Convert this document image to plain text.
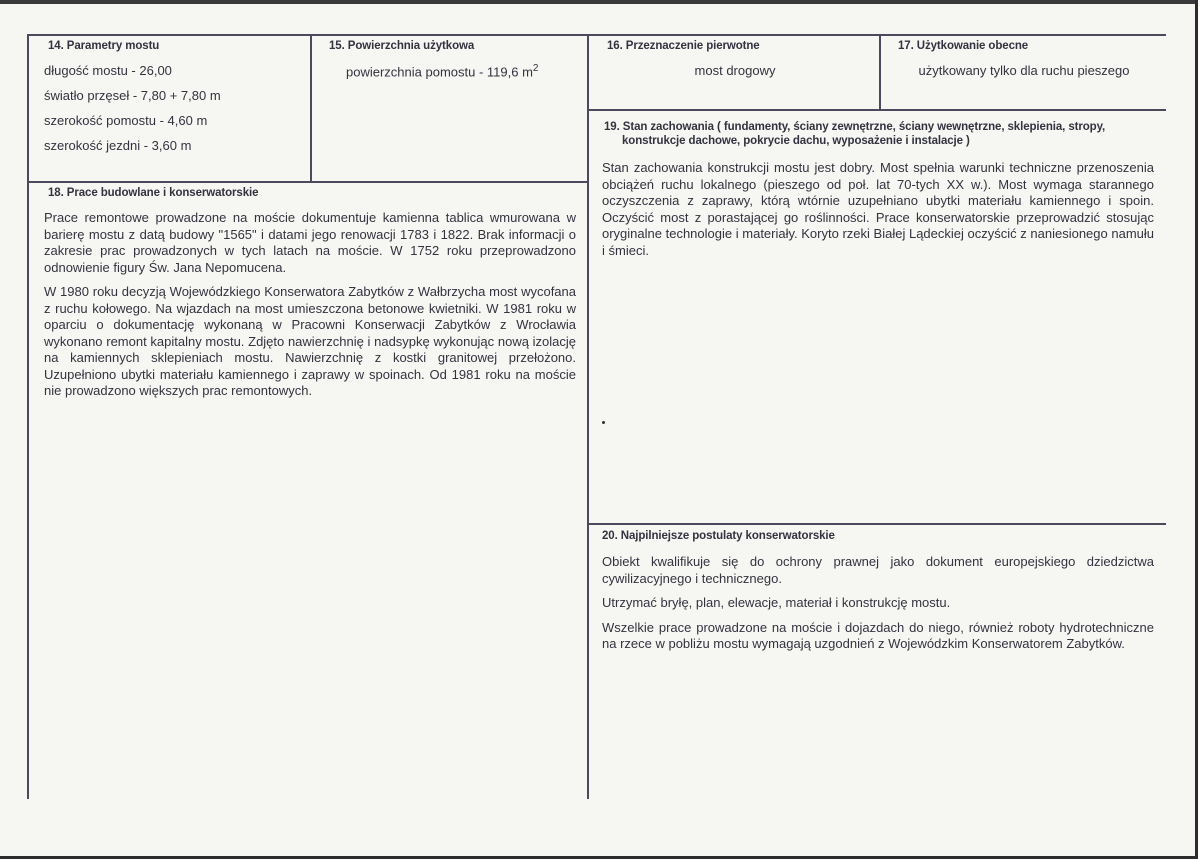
14. Parametry mostu
długość mostu - 26,00
światło przęseł - 7,80 + 7,80 m
szerokość pomostu - 4,60 m
szerokość jezdni - 3,60 m
15. Powierzchnia użytkowa
powierzchnia pomostu - 119,6 $m^2$
16. Przeznaczenie pierwotne
most drogowy
17. Użytkowanie obecne
użytkowany tylko dla ruchu pieszego
18. Prace budowlane i konserwatorskie

Prace remontowe prowadzone na moście dokumentuje kamienna tablica wmurowana w barierę mostu z datą budowy "1565" i datami jego renowacji 1783 i 1822. Brak informacji o zakresie prac prowadzonych w tych latach na moście. W 1752 roku przeprowadzono odnowienie figury Św. Jana Nepomucena.

W 1980 roku decyzją Wojewódzkiego Konserwatora Zabytków z Wałbrzycha most wycofana z ruchu kołowego. Na wjazdach na most umieszczona betonowe kwietniki. W 1981 roku w oparciu o dokumentację wykonaną w Pracowni Konserwacji Zabytków z Wrocławia wykonano remont kapitalny mostu. Zdjęto nawierzchnię i nadsypkę wykonując nową izolację na kamiennych sklepieniach mostu. Nawierzchnię z kostki granitowej przełożono. Uzupełniono ubytki materiału kamiennego i zaprawy w spoinach. Od 1981 roku na moście nie prowadzono większych prac remontowych.

19. Stan zachowania ( fundamenty, ściany zewnętrzne, ściany wewnętrzne, sklepienia, stropy,
konstrukcje dachowe, pokrycie dachu, wyposażenie i instalacje )
Stan zachowania konstrukcji mostu jest dobry. Most spełnia warunki techniczne przenoszenia obciążeń ruchu lokalnego (pieszego od poł. lat 70-tych XX w.). Most wymaga starannego oczyszczenia z zaprawy, którą wtórnie uzupełniano ubytki materiału kamiennego i spoin. Oczyścić most z porastającej go roślinności. Prace konserwatorskie przeprowadzić stosując oryginalne technologie i materiały. Koryto rzeki Białej Lądeckiej oczyścić z naniesionego namułu i śmieci.
20. Najpilniejsze postulaty konserwatorskie

Obiekt kwalifikuje się do ochrony prawnej jako dokument europejskiego dziedzictwa cywilizacyjnego i technicznego.

Utrzymać bryłę, plan, elewacje, materiał i konstrukcję mostu.

Wszelkie prace prowadzone na moście i dojazdach do niego, również roboty hydrotechniczne na rzece w pobliżu mostu wymagają uzgodnień z Wojewódzkim Konserwatorem Zabytków.
